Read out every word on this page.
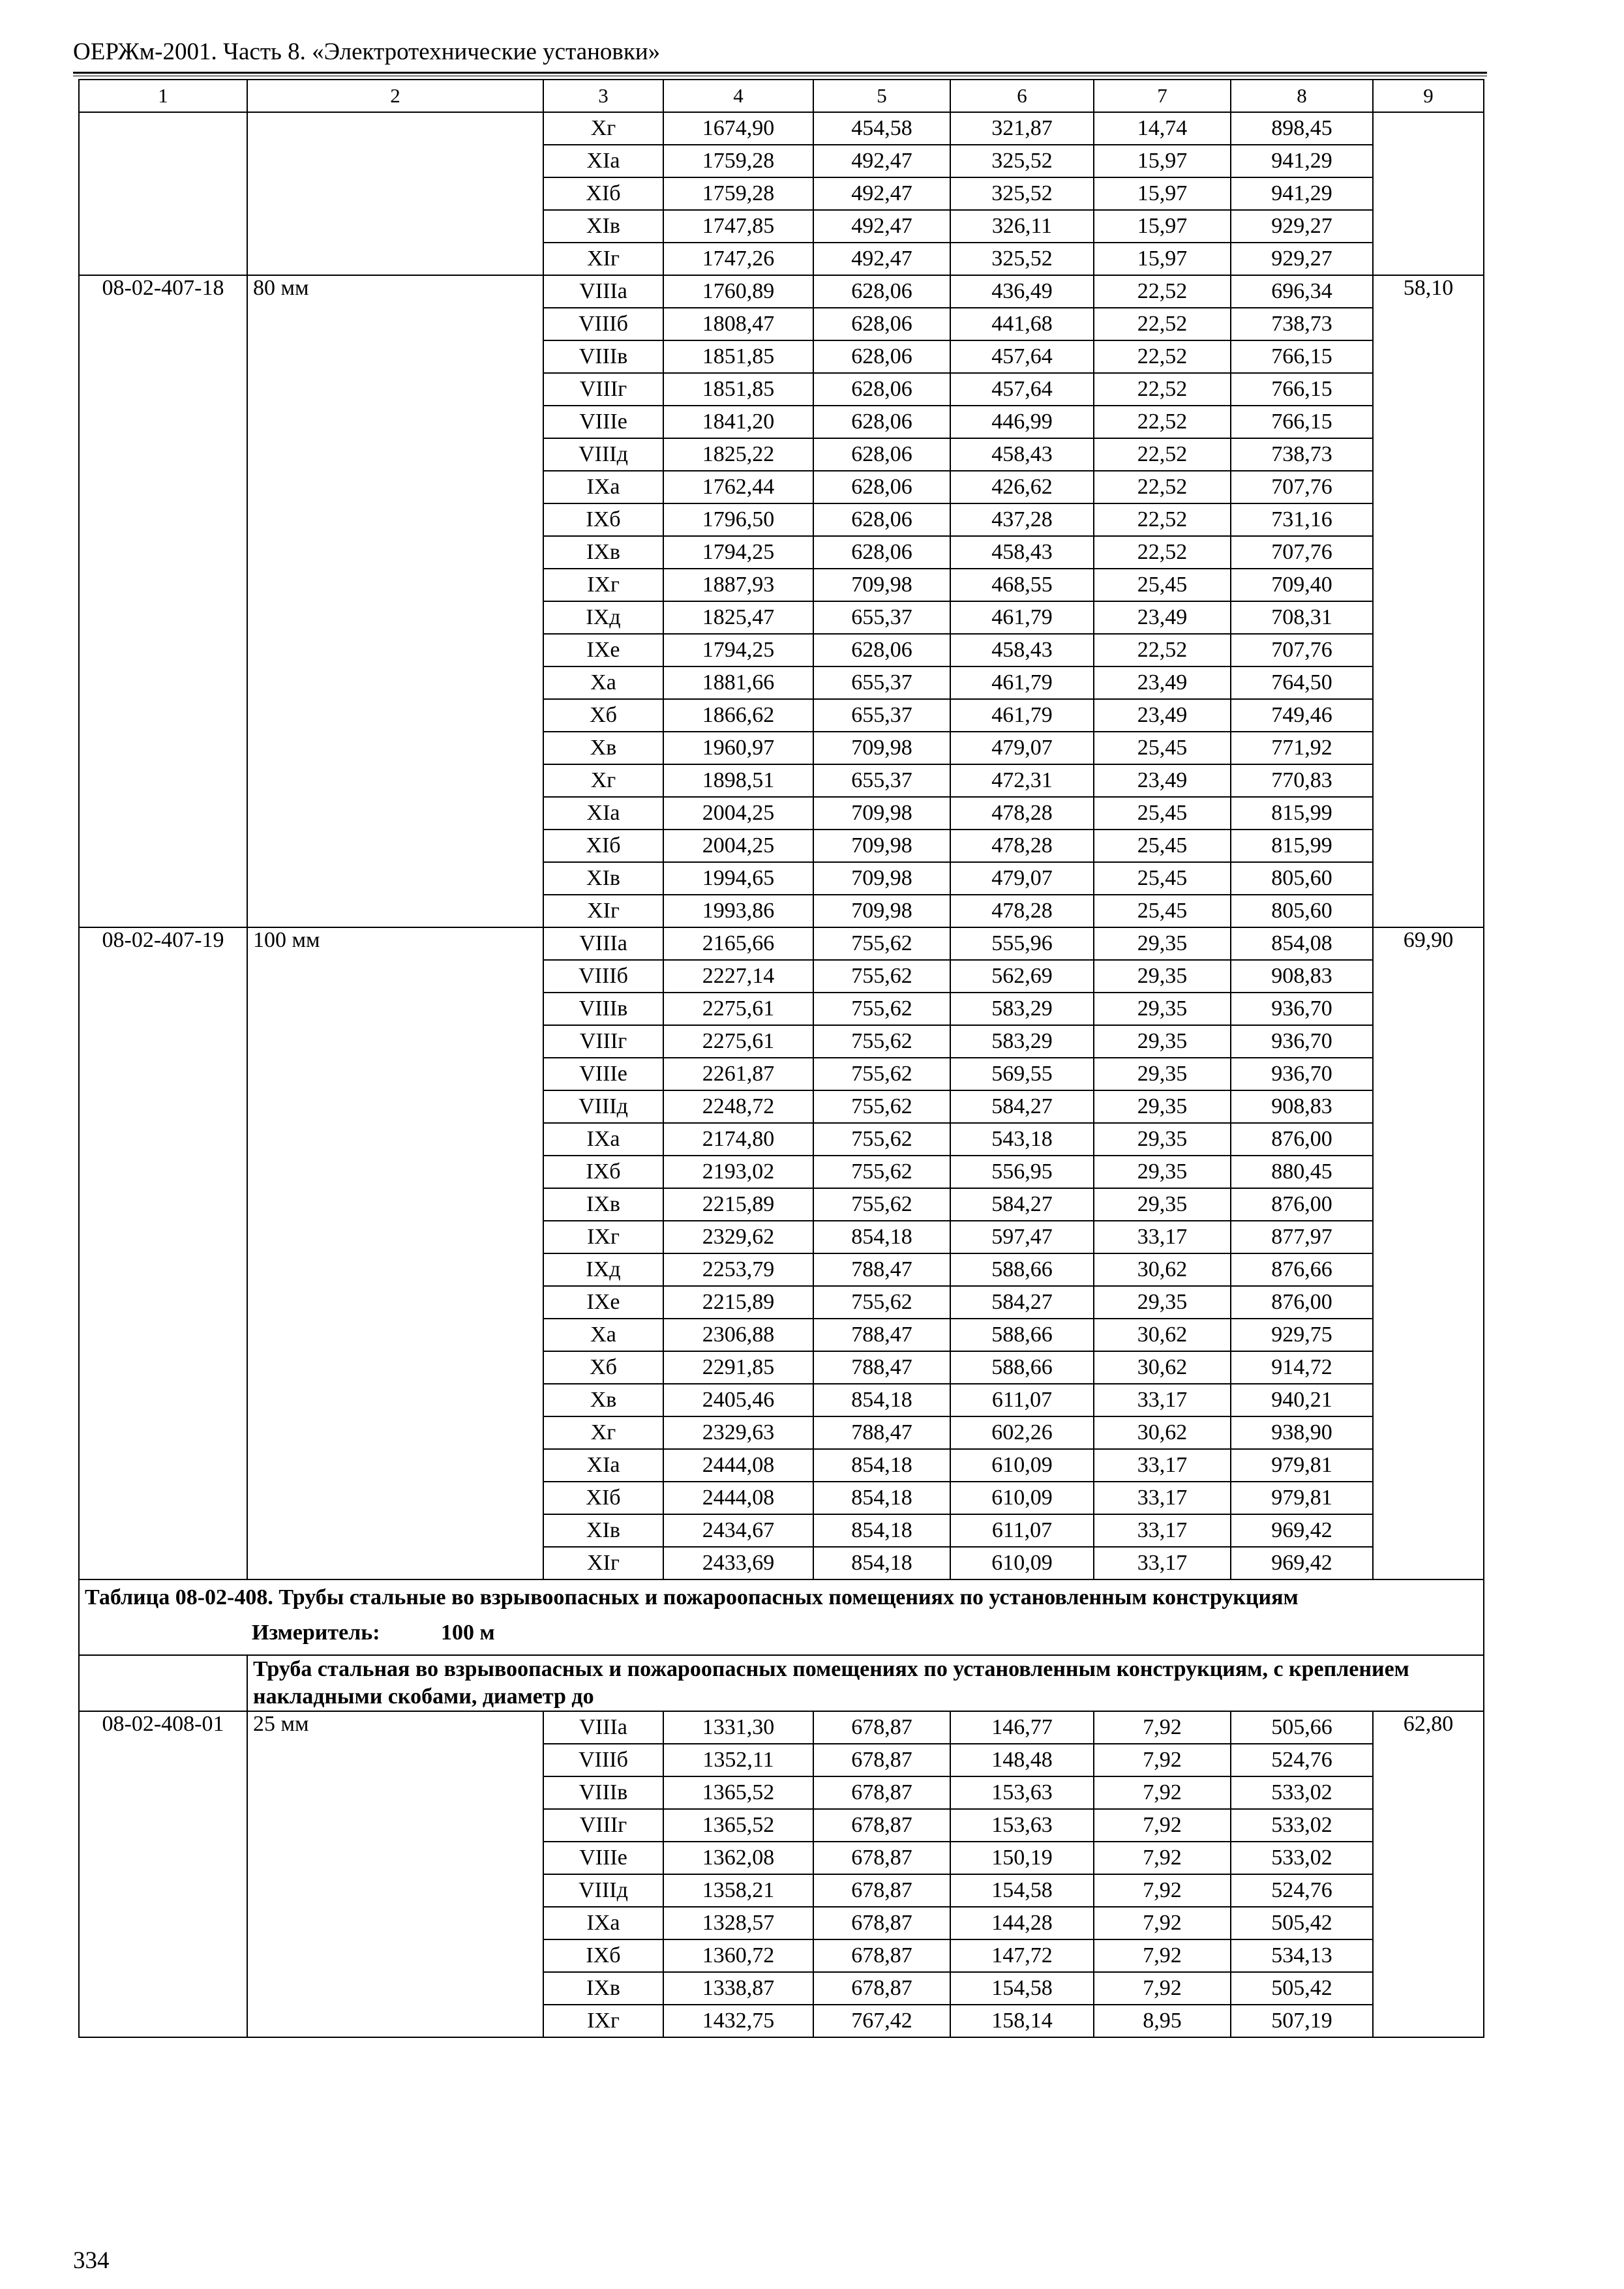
ОЕРЖм-2001. Часть 8. «Электротехнические установки»
1	2	3	4	5	6	7	8	9
		Xг	1674,90	454,58	321,87	14,74	898,45	
		XIа	1759,28	492,47	325,52	15,97	941,29	
		XIб	1759,28	492,47	325,52	15,97	941,29	
		XIв	1747,85	492,47	326,11	15,97	929,27	
		XIг	1747,26	492,47	325,52	15,97	929,27	
08-02-407-18	80 мм	VIIIа	1760,89	628,06	436,49	22,52	696,34	58,10
		VIIIб	1808,47	628,06	441,68	22,52	738,73	
		VIIIв	1851,85	628,06	457,64	22,52	766,15	
		VIIIг	1851,85	628,06	457,64	22,52	766,15	
		VIIIе	1841,20	628,06	446,99	22,52	766,15	
		VIIIд	1825,22	628,06	458,43	22,52	738,73	
		IXа	1762,44	628,06	426,62	22,52	707,76	
		IXб	1796,50	628,06	437,28	22,52	731,16	
		IXв	1794,25	628,06	458,43	22,52	707,76	
		IXг	1887,93	709,98	468,55	25,45	709,40	
		IXд	1825,47	655,37	461,79	23,49	708,31	
		IXе	1794,25	628,06	458,43	22,52	707,76	
		Xа	1881,66	655,37	461,79	23,49	764,50	
		Xб	1866,62	655,37	461,79	23,49	749,46	
		Xв	1960,97	709,98	479,07	25,45	771,92	
		Xг	1898,51	655,37	472,31	23,49	770,83	
		XIа	2004,25	709,98	478,28	25,45	815,99	
		XIб	2004,25	709,98	478,28	25,45	815,99	
		XIв	1994,65	709,98	479,07	25,45	805,60	
		XIг	1993,86	709,98	478,28	25,45	805,60	
08-02-407-19	100 мм	VIIIа	2165,66	755,62	555,96	29,35	854,08	69,90
		VIIIб	2227,14	755,62	562,69	29,35	908,83	
		VIIIв	2275,61	755,62	583,29	29,35	936,70	
		VIIIг	2275,61	755,62	583,29	29,35	936,70	
		VIIIе	2261,87	755,62	569,55	29,35	936,70	
		VIIIд	2248,72	755,62	584,27	29,35	908,83	
		IXа	2174,80	755,62	543,18	29,35	876,00	
		IXб	2193,02	755,62	556,95	29,35	880,45	
		IXв	2215,89	755,62	584,27	29,35	876,00	
		IXг	2329,62	854,18	597,47	33,17	877,97	
		IXд	2253,79	788,47	588,66	30,62	876,66	
		IXе	2215,89	755,62	584,27	29,35	876,00	
		Xа	2306,88	788,47	588,66	30,62	929,75	
		Xб	2291,85	788,47	588,66	30,62	914,72	
		Xв	2405,46	854,18	611,07	33,17	940,21	
		Xг	2329,63	788,47	602,26	30,62	938,90	
		XIа	2444,08	854,18	610,09	33,17	979,81	
		XIб	2444,08	854,18	610,09	33,17	979,81	
		XIв	2434,67	854,18	611,07	33,17	969,42	
		XIг	2433,69	854,18	610,09	33,17	969,42	

Таблица 08-02-408. Трубы стальные во взрывоопасных и пожароопасных помещениях по установленным конструкциям
Измеритель: 100 м								

	Труба стальная во взрывоопасных и пожароопасных помещениях по установленным конструкциям, с креплением накладными скобами, диаметр до							
08-02-408-01	25 мм	VIIIа	1331,30	678,87	146,77	7,92	505,66	62,80
		VIIIб	1352,11	678,87	148,48	7,92	524,76	
		VIIIв	1365,52	678,87	153,63	7,92	533,02	
		VIIIг	1365,52	678,87	153,63	7,92	533,02	
		VIIIе	1362,08	678,87	150,19	7,92	533,02	
		VIIIд	1358,21	678,87	154,58	7,92	524,76	
		IXа	1328,57	678,87	144,28	7,92	505,42	
		IXб	1360,72	678,87	147,72	7,92	534,13	
		IXв	1338,87	678,87	154,58	7,92	505,42	
		IXг	1432,75	767,42	158,14	8,95	507,19	
334
